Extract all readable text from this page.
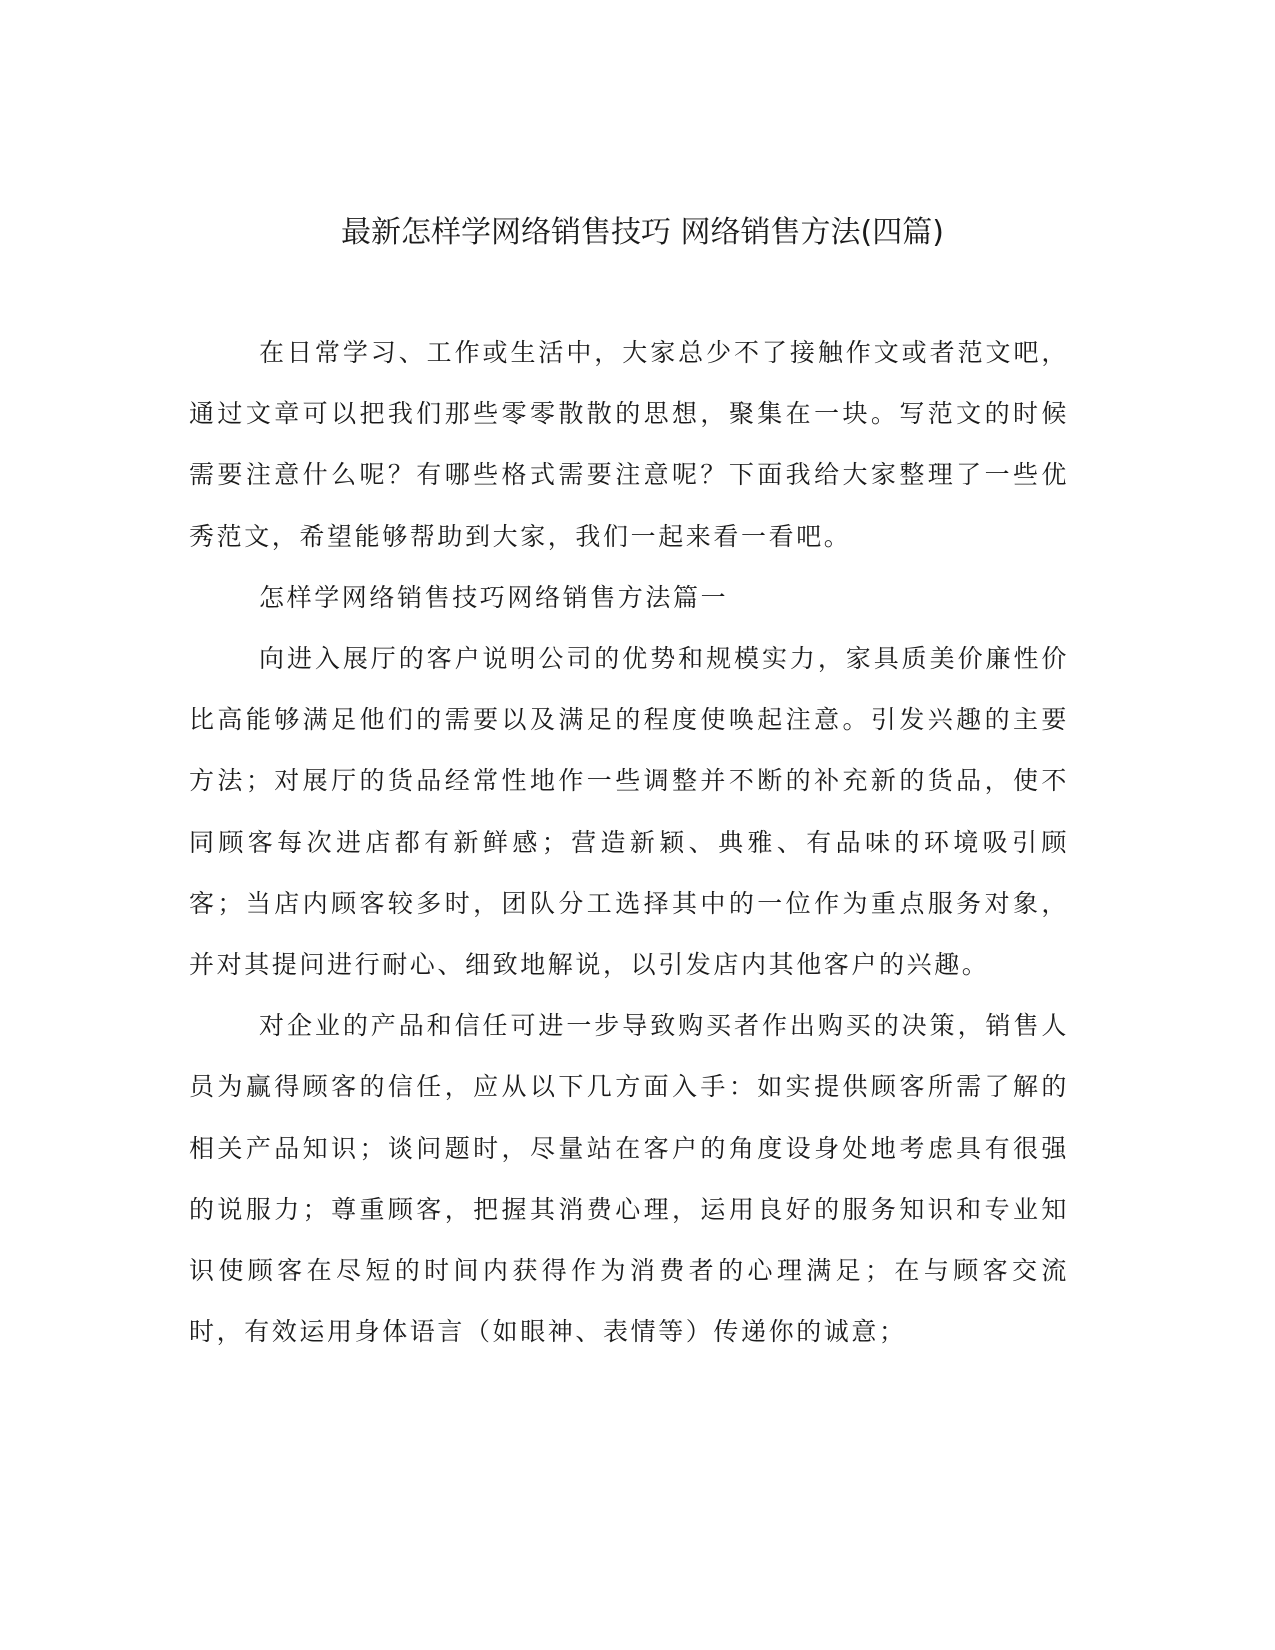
最新怎样学网络销售技巧 网络销售方法(四篇)

在日常学习、工作或生活中，大家总少不了接触作文或者范文吧，通过文章可以把我们那些零零散散的思想，聚集在一块。写范文的时候需要注意什么呢？有哪些格式需要注意呢？下面我给大家整理了一些优秀范文，希望能够帮助到大家，我们一起来看一看吧。

怎样学网络销售技巧网络销售方法篇一

向进入展厅的客户说明公司的优势和规模实力，家具质美价廉性价比高能够满足他们的需要以及满足的程度使唤起注意。引发兴趣的主要方法；对展厅的货品经常性地作一些调整并不断的补充新的货品，使不同顾客每次进店都有新鲜感；营造新颖、典雅、有品味的环境吸引顾客；当店内顾客较多时，团队分工选择其中的一位作为重点服务对象，并对其提问进行耐心、细致地解说，以引发店内其他客户的兴趣。

对企业的产品和信任可进一步导致购买者作出购买的决策，销售人员为赢得顾客的信任，应从以下几方面入手：如实提供顾客所需了解的相关产品知识；谈问题时，尽量站在客户的角度设身处地考虑具有很强的说服力；尊重顾客，把握其消费心理，运用良好的服务知识和专业知识使顾客在尽短的时间内获得作为消费者的心理满足；在与顾客交流时，有效运用身体语言（如眼神、表情等）传递你的诚意；
